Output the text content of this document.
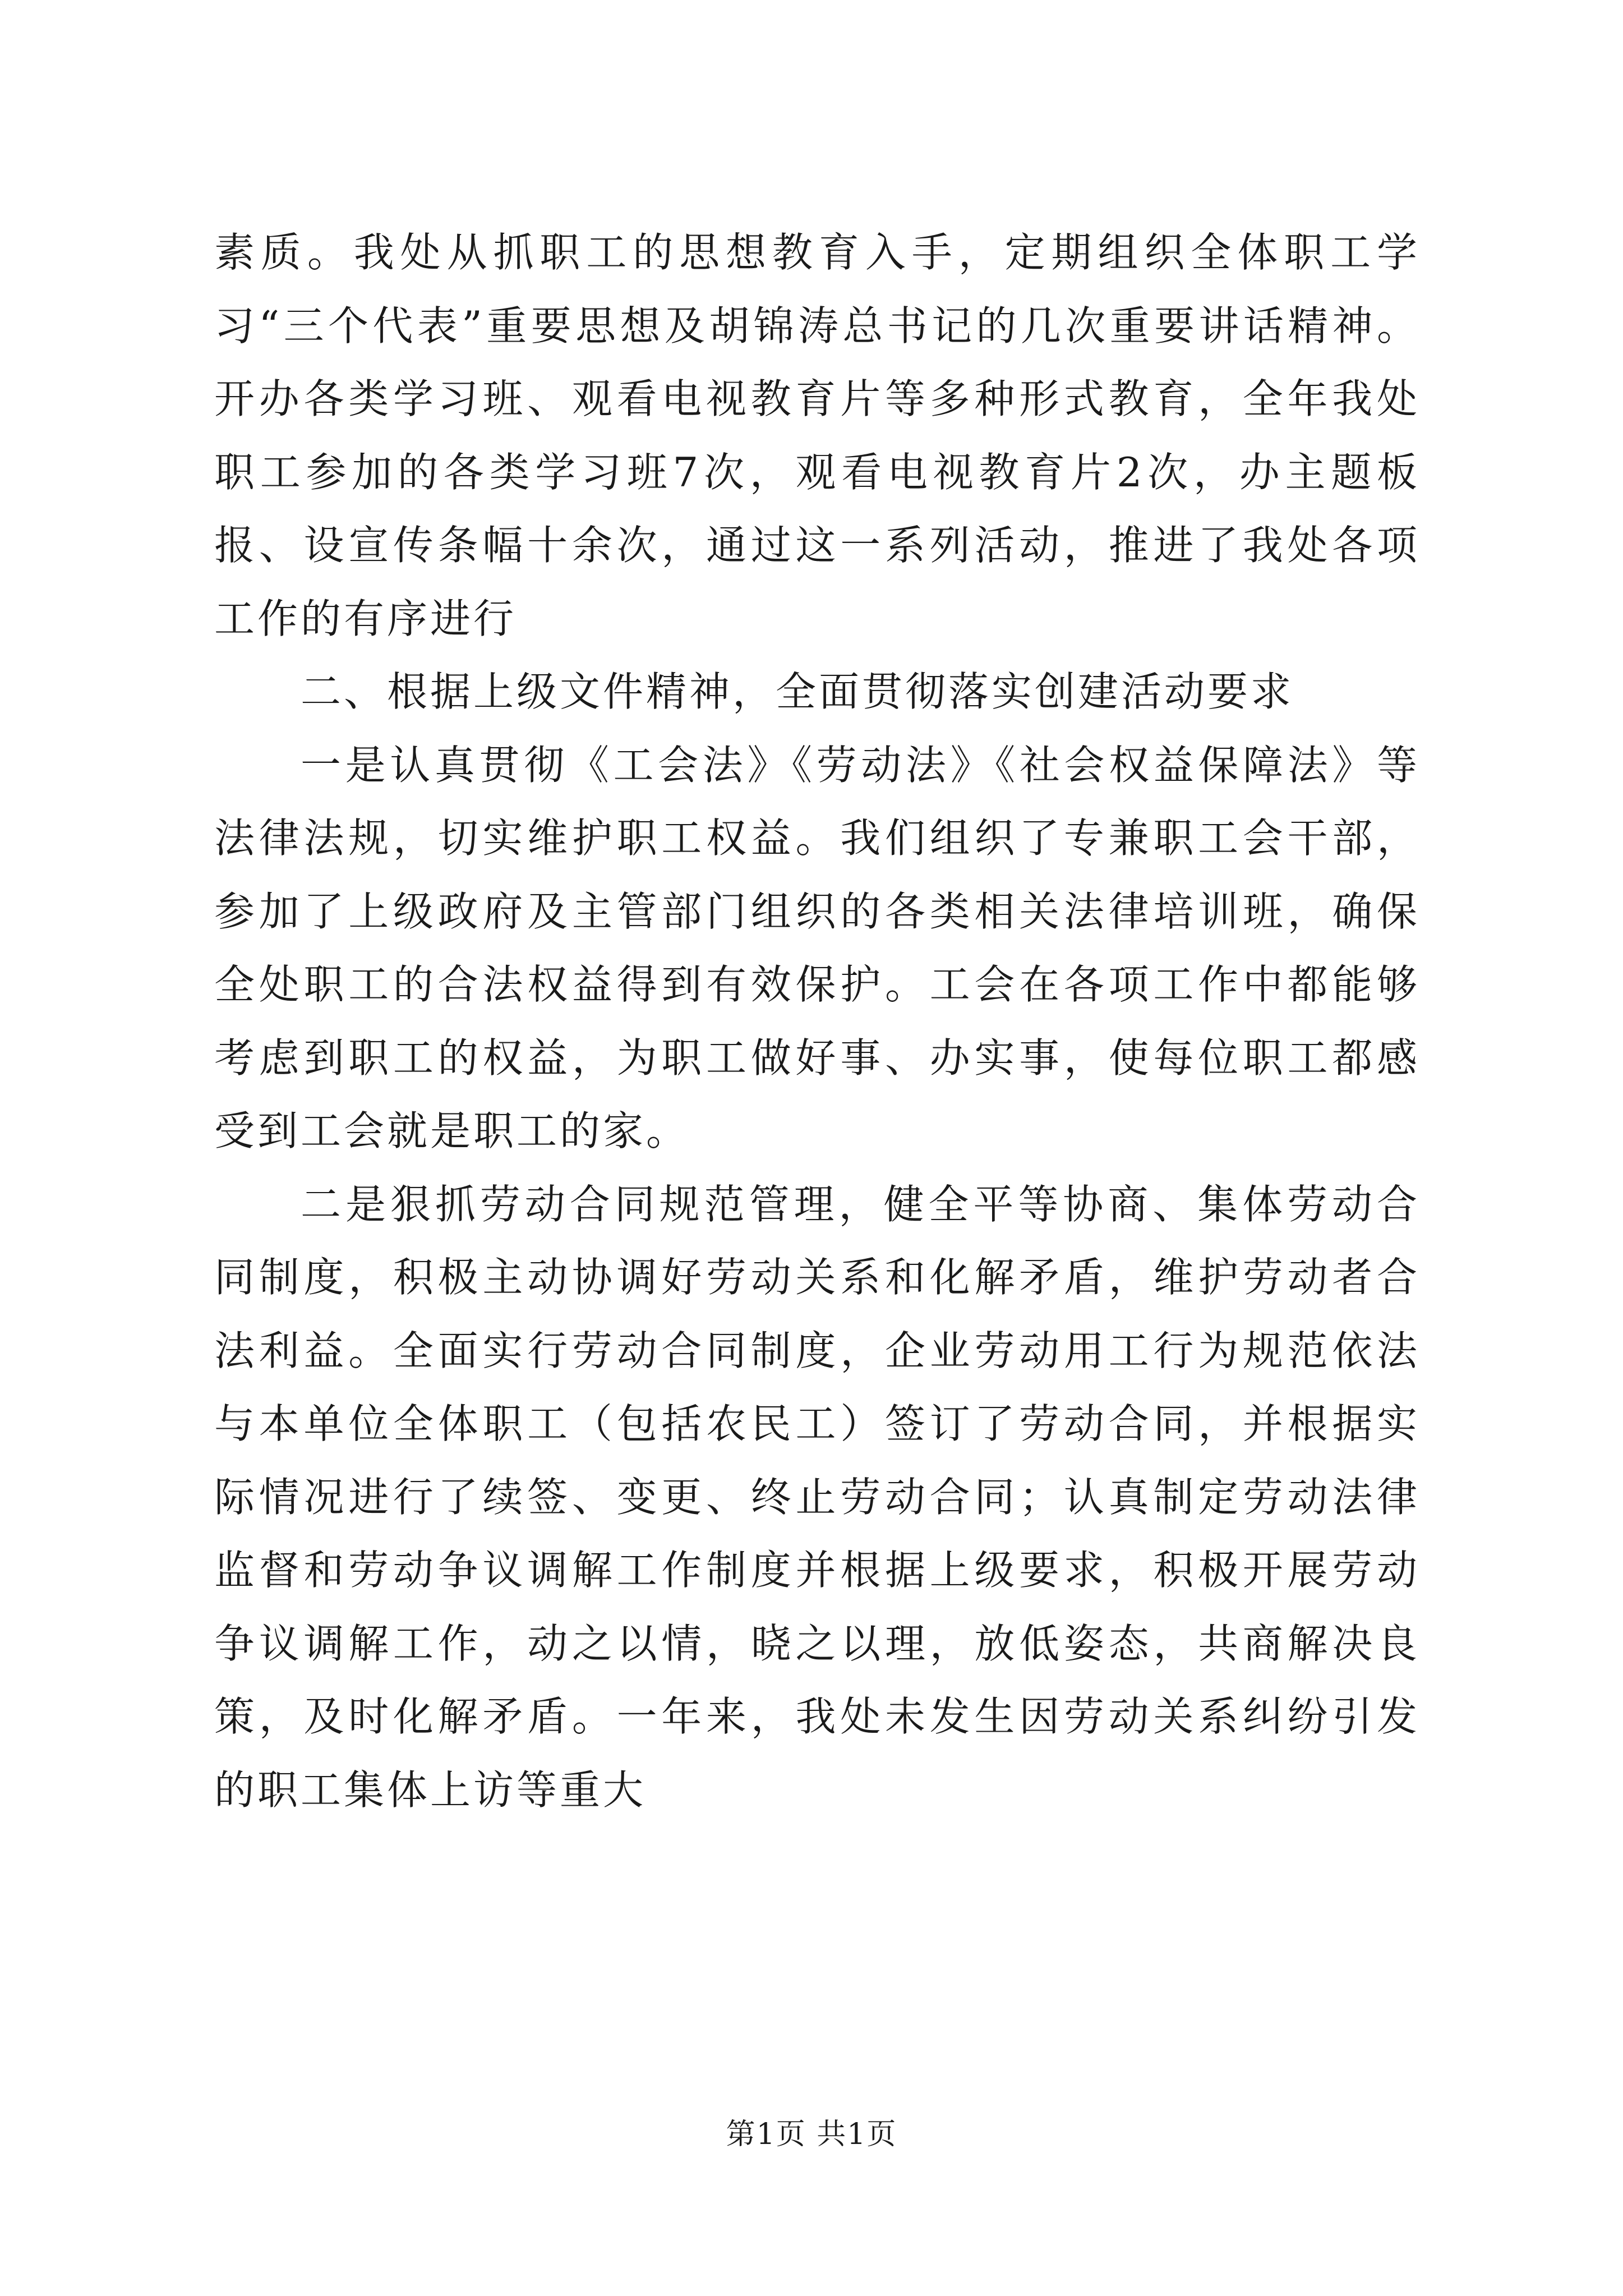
素质。我处从抓职工的思想教育入手，定期组织全体职工学习“三个代表”重要思想及胡锦涛总书记的几次重要讲话精神。开办各类学习班、观看电视教育片等多种形式教育，全年我处职工参加的各类学习班7次，观看电视教育片2次，办主题板报、设宣传条幅十余次，通过这一系列活动，推进了我处各项工作的有序进行

二、根据上级文件精神，全面贯彻落实创建活动要求

一是认真贯彻《工会法》《劳动法》《社会权益保障法》等法律法规，切实维护职工权益。我们组织了专兼职工会干部，参加了上级政府及主管部门组织的各类相关法律培训班，确保全处职工的合法权益得到有效保护。工会在各项工作中都能够考虑到职工的权益，为职工做好事、办实事，使每位职工都感受到工会就是职工的家。

二是狠抓劳动合同规范管理，健全平等协商、集体劳动合同制度，积极主动协调好劳动关系和化解矛盾，维护劳动者合法利益。全面实行劳动合同制度，企业劳动用工行为规范依法与本单位全体职工（包括农民工）签订了劳动合同，并根据实际情况进行了续签、变更、终止劳动合同；认真制定劳动法律监督和劳动争议调解工作制度并根据上级要求，积极开展劳动争议调解工作，动之以情，晓之以理，放低姿态，共商解决良策，及时化解矛盾。一年来，我处未发生因劳动关系纠纷引发的职工集体上访等重大

第1页 共1页
